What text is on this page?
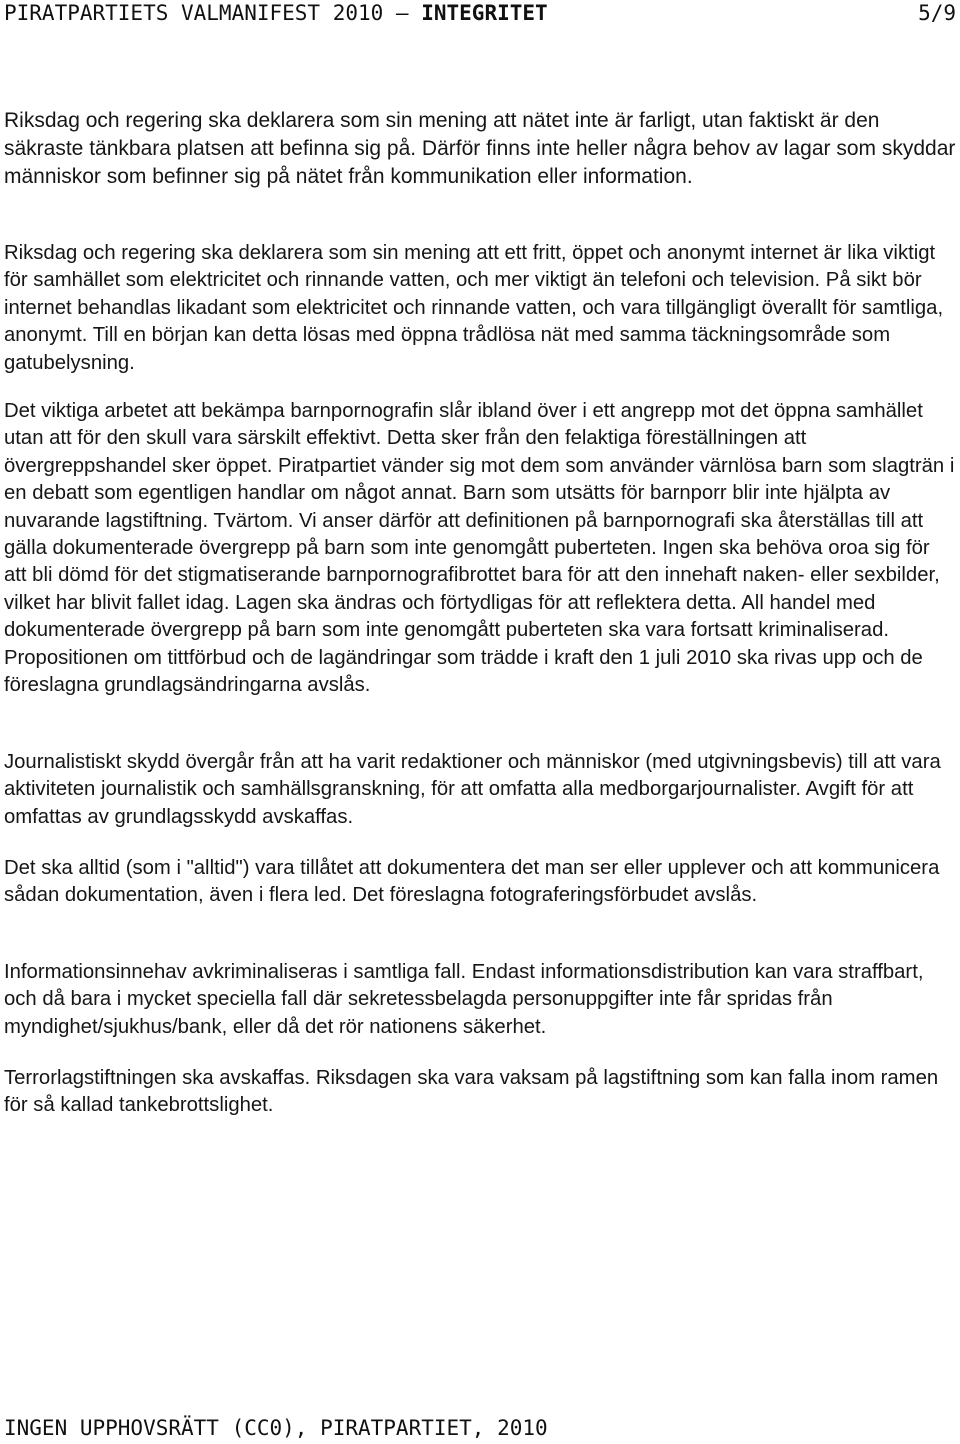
PIRATPARTIETS VALMANIFEST 2010 – INTEGRITET	5/9

Riksdag och regering ska deklarera som sin mening att nätet inte är farligt, utan faktiskt är den säkraste tänkbara platsen att befinna sig på. Därför finns inte heller några behov av lagar som skyddar människor som befinner sig på nätet från kommunikation eller information.

Riksdag och regering ska deklarera som sin mening att ett fritt, öppet och anonymt internet är lika viktigt för samhället som elektricitet och rinnande vatten, och mer viktigt än telefoni och television. På sikt bör internet behandlas likadant som elektricitet och rinnande vatten, och vara tillgängligt överallt för samtliga, anonymt. Till en början kan detta lösas med öppna trådlösa nät med samma täckningsområde som gatubelysning.

Det viktiga arbetet att bekämpa barnpornografin slår ibland över i ett angrepp mot det öppna samhället utan att för den skull vara särskilt effektivt. Detta sker från den felaktiga föreställningen att övergreppshandel sker öppet. Piratpartiet vänder sig mot dem som använder värnlösa barn som slagträn i en debatt som egentligen handlar om något annat. Barn som utsätts för barnporr blir inte hjälpta av nuvarande lagstiftning. Tvärtom. Vi anser därför att definitionen på barnpornografi ska återställas till att gälla dokumenterade övergrepp på barn som inte genomgått puberteten. Ingen ska behöva oroa sig för att bli dömd för det stigmatiserande barnpornografibrottet bara för att den innehaft naken- eller sexbilder, vilket har blivit fallet idag. Lagen ska ändras och förtydligas för att reflektera detta. All handel med dokumenterade övergrepp på barn som inte genomgått puberteten ska vara fortsatt kriminaliserad. Propositionen om tittförbud och de lagändringar som trädde i kraft den 1 juli 2010 ska rivas upp och de föreslagna grundlagsändringarna avslås.

Journalistiskt skydd övergår från att ha varit redaktioner och människor (med utgivningsbevis) till att vara aktiviteten journalistik och samhällsgranskning, för att omfatta alla medborgarjournalister. Avgift för att omfattas av grundlagsskydd avskaffas.

Det ska alltid (som i "alltid") vara tillåtet att dokumentera det man ser eller upplever och att kommunicera sådan dokumentation, även i flera led. Det föreslagna fotograferingsförbudet avslås.

Informationsinnehav avkriminaliseras i samtliga fall. Endast informationsdistribution kan vara straffbart, och då bara i mycket speciella fall där sekretessbelagda personuppgifter inte får spridas från myndighet/sjukhus/bank, eller då det rör nationens säkerhet.

Terrorlagstiftningen ska avskaffas. Riksdagen ska vara vaksam på lagstiftning som kan falla inom ramen för så kallad tankebrottslighet.

INGEN UPPHOVSRÄTT (CC0), PIRATPARTIET, 2010
